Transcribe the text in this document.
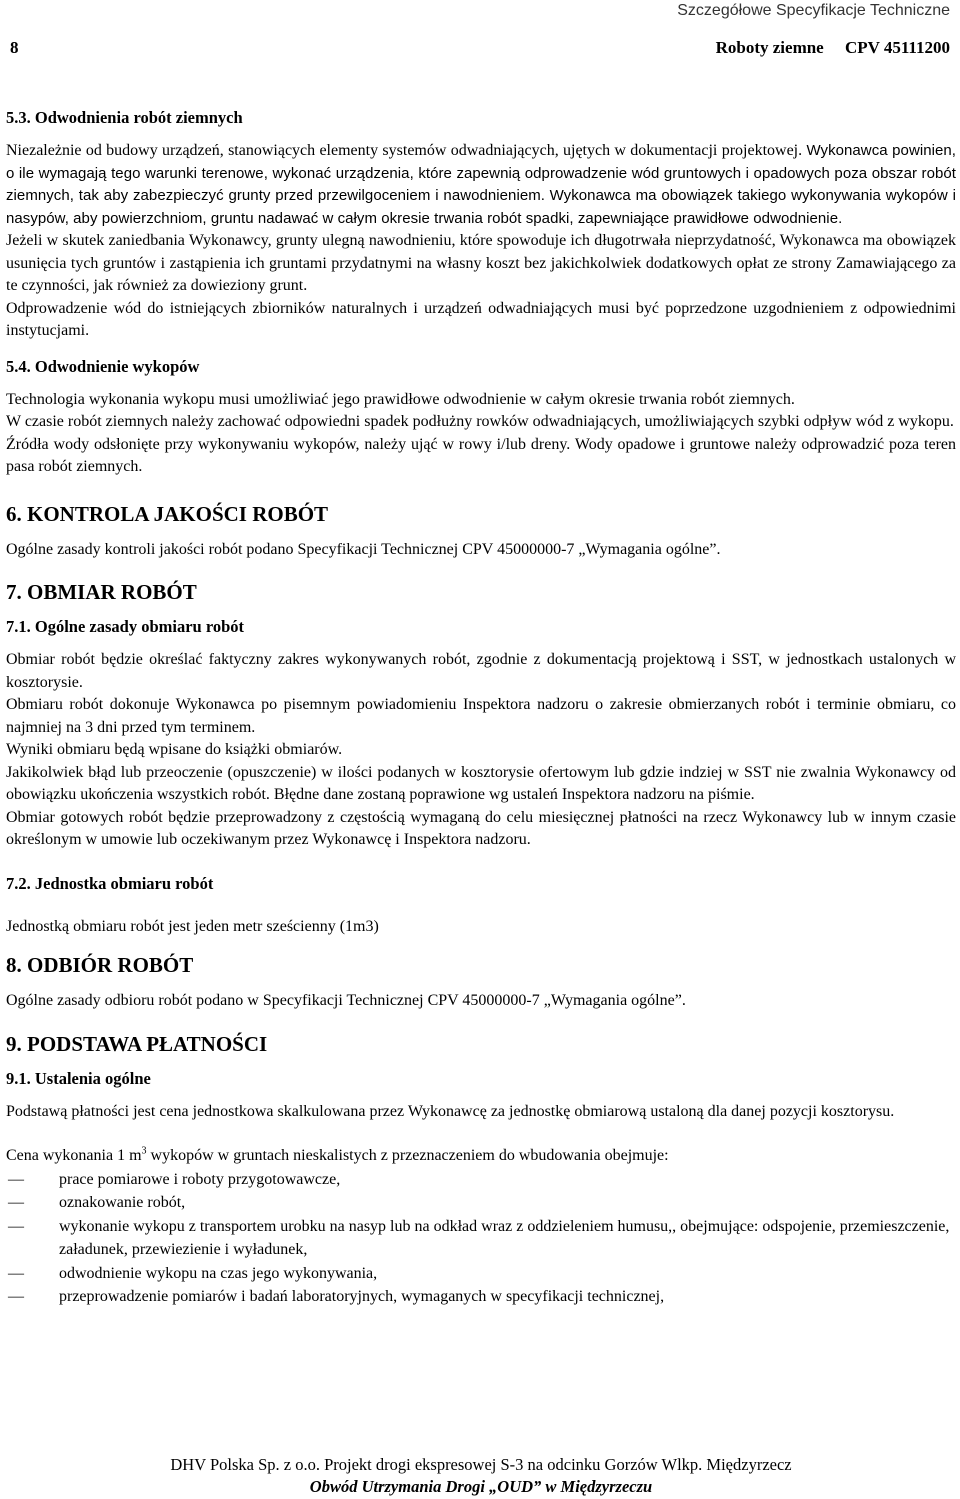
Szczegółowe Specyfikacje Techniczne
8	Roboty ziemne CPV 45111200
5.3. Odwodnienia robót ziemnych

Niezależnie od budowy urządzeń, stanowiących elementy systemów odwadniających, ujętych w dokumentacji projektowej. Wykonawca powinien, o ile wymagają tego warunki terenowe, wykonać urządzenia, które zapewnią odprowadzenie wód gruntowych i opadowych poza obszar robót ziemnych, tak aby zabezpieczyć grunty przed przewilgoceniem i nawodnieniem. Wykonawca ma obowiązek takiego wykonywania wykopów i nasypów, aby powierzchniom, gruntu nadawać w całym okresie trwania robót spadki, zapewniające prawidłowe odwodnienie.

Jeżeli w skutek zaniedbania Wykonawcy, grunty ulegną nawodnieniu, które spowoduje ich długotrwała nieprzydatność, Wykonawca ma obowiązek usunięcia tych gruntów i zastąpienia ich gruntami przydatnymi na własny koszt bez jakichkolwiek dodatkowych opłat ze strony Zamawiającego za te czynności, jak również za dowieziony grunt.

Odprowadzenie wód do istniejących zbiorników naturalnych i urządzeń odwadniających musi być poprzedzone uzgodnieniem z odpowiednimi instytucjami.

5.4. Odwodnienie wykopów

Technologia wykonania wykopu musi umożliwiać jego prawidłowe odwodnienie w całym okresie trwania robót ziemnych.

W czasie robót ziemnych należy zachować odpowiedni spadek podłużny rowków odwadniających, umożliwiających szybki odpływ wód z wykopu.

Źródła wody odsłonięte przy wykonywaniu wykopów, należy ująć w rowy i/lub dreny. Wody opadowe i gruntowe należy odprowadzić poza teren pasa robót ziemnych.

6. KONTROLA JAKOŚCI ROBÓT

Ogólne zasady kontroli jakości robót podano Specyfikacji Technicznej CPV 45000000-7 „Wymagania ogólne”.

7. OBMIAR ROBÓT
7.1. Ogólne zasady obmiaru robót

Obmiar robót będzie określać faktyczny zakres wykonywanych robót, zgodnie z dokumentacją projektową i SST, w jednostkach ustalonych w kosztorysie.

Obmiaru robót dokonuje Wykonawca po pisemnym powiadomieniu Inspektora nadzoru o zakresie obmierzanych robót i terminie obmiaru, co najmniej na 3 dni przed tym terminem.

Wyniki obmiaru będą wpisane do książki obmiarów.

Jakikolwiek błąd lub przeoczenie (opuszczenie) w ilości podanych w kosztorysie ofertowym lub gdzie indziej w SST nie zwalnia Wykonawcy od obowiązku ukończenia wszystkich robót. Błędne dane zostaną poprawione wg ustaleń Inspektora nadzoru na piśmie.

Obmiar gotowych robót będzie przeprowadzony z częstością wymaganą do celu miesięcznej płatności na rzecz Wykonawcy lub w innym czasie określonym w umowie lub oczekiwanym przez Wykonawcę i Inspektora nadzoru.

7.2. Jednostka obmiaru robót

Jednostką obmiaru robót jest jeden metr sześcienny (1m3)

8. ODBIÓR ROBÓT

Ogólne zasady odbioru robót podano w Specyfikacji Technicznej CPV 45000000-7 „Wymagania ogólne”.

9. PODSTAWA PŁATNOŚCI
9.1. Ustalenia ogólne

Podstawą płatności jest cena jednostkowa skalkulowana przez Wykonawcę za jednostkę obmiarową ustaloną dla danej pozycji kosztorysu.

Cena wykonania 1 $m^3$ wykopów w gruntach nieskalistych z przeznaczeniem do wbudowania obejmuje:

— prace pomiarowe i roboty przygotowawcze,
— oznakowanie robót,
— wykonanie wykopu z transportem urobku na nasyp lub na odkład wraz z oddzieleniem humusu,, obejmujące: odspojenie, przemieszczenie, załadunek, przewiezienie i wyładunek,
— odwodnienie wykopu na czas jego wykonywania,
— przeprowadzenie pomiarów i badań laboratoryjnych, wymaganych w specyfikacji technicznej,
DHV Polska Sp. z o.o. Projekt drogi ekspresowej S-3 na odcinku Gorzów Wlkp. Międzyrzecz
Obwód Utrzymania Drogi „OUD” w Międzyrzeczu
